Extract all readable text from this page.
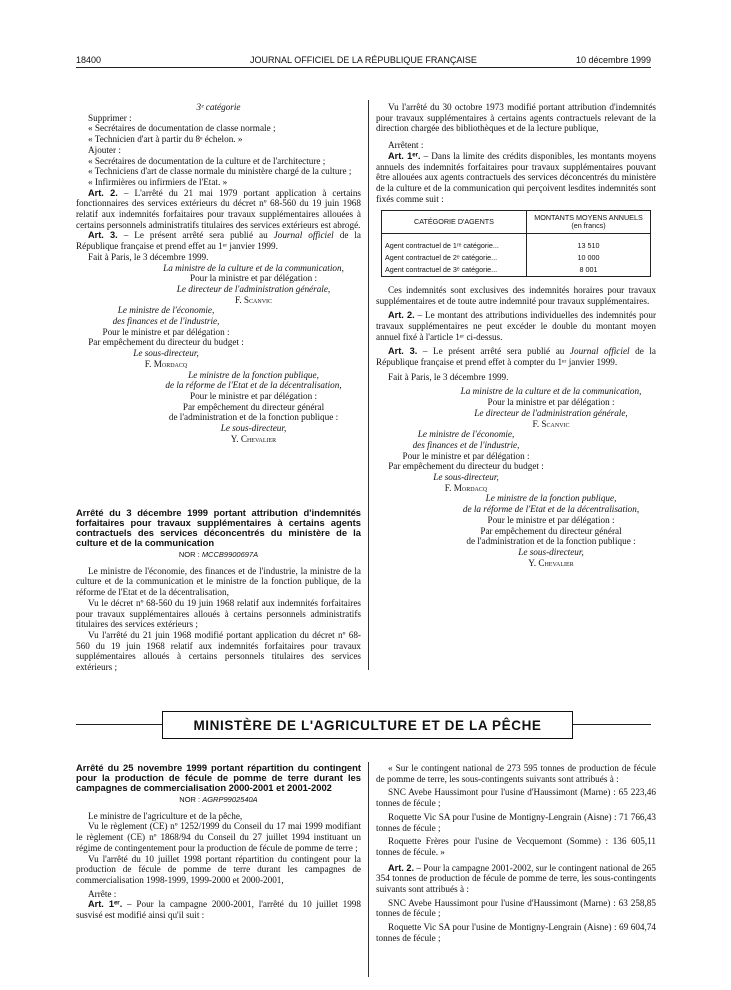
18400	JOURNAL OFFICIEL DE LA RÉPUBLIQUE FRANÇAISE	10 décembre 1999

3ᵉ catégorie

Supprimer :

« Secrétaires de documentation de classe normale ;

« Technicien d'art à partir du 8ᵉ échelon. »

Ajouter :

« Secrétaires de documentation de la culture et de l'architecture ;

« Techniciens d'art de classe normale du ministère chargé de la culture ;

« Infirmières ou infirmiers de l'Etat. »

Art. 2. – L'arrêté du 21 mai 1979 portant application à certains fonctionnaires des services extérieurs du décret nº 68-560 du 19 juin 1968 relatif aux indemnités forfaitaires pour travaux supplémentaires allouées à certains personnels administratifs titulaires des services extérieurs est abrogé.

Art. 3. – Le présent arrêté sera publié au Journal officiel de la République française et prend effet au 1ᵉʳ janvier 1999.

Fait à Paris, le 3 décembre 1999.

La ministre de la culture et de la communication,

Pour la ministre et par délégation :

Le directeur de l'administration générale,

F. Scanvic

Le ministre de l'économie,

des finances et de l'industrie,

Pour le ministre et par délégation :

Par empêchement du directeur du budget :

Le sous-directeur,

F. Mordacq

Le ministre de la fonction publique,

de la réforme de l'Etat et de la décentralisation,

Pour le ministre et par délégation :

Par empêchement du directeur général

de l'administration et de la fonction publique :

Le sous-directeur,

Y. Chevalier

Arrêté du 3 décembre 1999 portant attribution d'indemnités forfaitaires pour travaux supplémentaires à certains agents contractuels des services déconcentrés du ministère de la culture et de la communication

NOR : MCCB9900697A

Le ministre de l'économie, des finances et de l'industrie, la ministre de la culture et de la communication et le ministre de la fonction publique, de la réforme de l'Etat et de la décentralisation,

Vu le décret nº 68-560 du 19 juin 1968 relatif aux indemnités forfaitaires pour travaux supplémentaires alloués à certains personnels administratifs titulaires des services extérieurs ;

Vu l'arrêté du 21 juin 1968 modifié portant application du décret nº 68-560 du 19 juin 1968 relatif aux indemnités forfaitaires pour travaux supplémentaires alloués à certains personnels titulaires des services extérieurs ;

Vu l'arrêté du 30 octobre 1973 modifié portant attribution d'indemnités pour travaux supplémentaires à certains agents contractuels relevant de la direction chargée des bibliothèques et de la lecture publique,

Arrêtent :

Art. 1ᵉʳ. – Dans la limite des crédits disponibles, les montants moyens annuels des indemnités forfaitaires pour travaux supplémentaires pouvant être allouées aux agents contractuels des services déconcentrés du ministère de la culture et de la communication qui perçoivent lesdites indemnités sont fixés comme suit :

CATÉGORIE D'AGENTS	MONTANTS MOYENS ANNUELS
(en francs)

Agent contractuel de 1ʳᵉ catégorie...	13 510
Agent contractuel de 2ᵉ catégorie...	10 000
Agent contractuel de 3ᵉ catégorie...	8 001

Ces indemnités sont exclusives des indemnités horaires pour travaux supplémentaires et de toute autre indemnité pour travaux supplémentaires.

Art. 2. – Le montant des attributions individuelles des indemnités pour travaux supplémentaires ne peut excéder le double du montant moyen annuel fixé à l'article 1ᵉʳ ci-dessus.

Art. 3. – Le présent arrêté sera publié au Journal officiel de la République française et prend effet à compter du 1ᵉʳ janvier 1999.

Fait à Paris, le 3 décembre 1999.

La ministre de la culture et de la communication,

Pour la ministre et par délégation :

Le directeur de l'administration générale,

F. Scanvic

Le ministre de l'économie,

des finances et de l'industrie,

Pour le ministre et par délégation :

Par empêchement du directeur du budget :

Le sous-directeur,

F. Mordacq

Le ministre de la fonction publique,

de la réforme de l'Etat et de la décentralisation,

Pour le ministre et par délégation :

Par empêchement du directeur général

de l'administration et de la fonction publique :

Le sous-directeur,

Y. Chevalier

MINISTÈRE DE L'AGRICULTURE ET DE LA PÊCHE

Arrêté du 25 novembre 1999 portant répartition du contingent pour la production de fécule de pomme de terre durant les campagnes de commercialisation 2000-2001 et 2001-2002

NOR : AGRP9902540A

Le ministre de l'agriculture et de la pêche,

Vu le règlement (CE) nº 1252/1999 du Conseil du 17 mai 1999 modifiant le règlement (CE) nº 1868/94 du Conseil du 27 juillet 1994 instituant un régime de contingentement pour la production de fécule de pomme de terre ;

Vu l'arrêté du 10 juillet 1998 portant répartition du contingent pour la production de fécule de pomme de terre durant les campagnes de commercialisation 1998-1999, 1999-2000 et 2000-2001,

Arrête :

Art. 1ᵉʳ. – Pour la campagne 2000-2001, l'arrêté du 10 juillet 1998 susvisé est modifié ainsi qu'il suit :

« Sur le contingent national de 273 595 tonnes de production de fécule de pomme de terre, les sous-contingents suivants sont attribués à :

SNC Avebe Haussimont pour l'usine d'Haussimont (Marne) : 65 223,46 tonnes de fécule ;

Roquette Vic SA pour l'usine de Montigny-Lengrain (Aisne) : 71 766,43 tonnes de fécule ;

Roquette Frères pour l'usine de Vecquemont (Somme) : 136 605,11 tonnes de fécule. »

Art. 2. – Pour la campagne 2001-2002, sur le contingent national de 265 354 tonnes de production de fécule de pomme de terre, les sous-contingents suivants sont attribués à :

SNC Avebe Haussimont pour l'usine d'Haussimont (Marne) : 63 258,85 tonnes de fécule ;

Roquette Vic SA pour l'usine de Montigny-Lengrain (Aisne) : 69 604,74 tonnes de fécule ;
